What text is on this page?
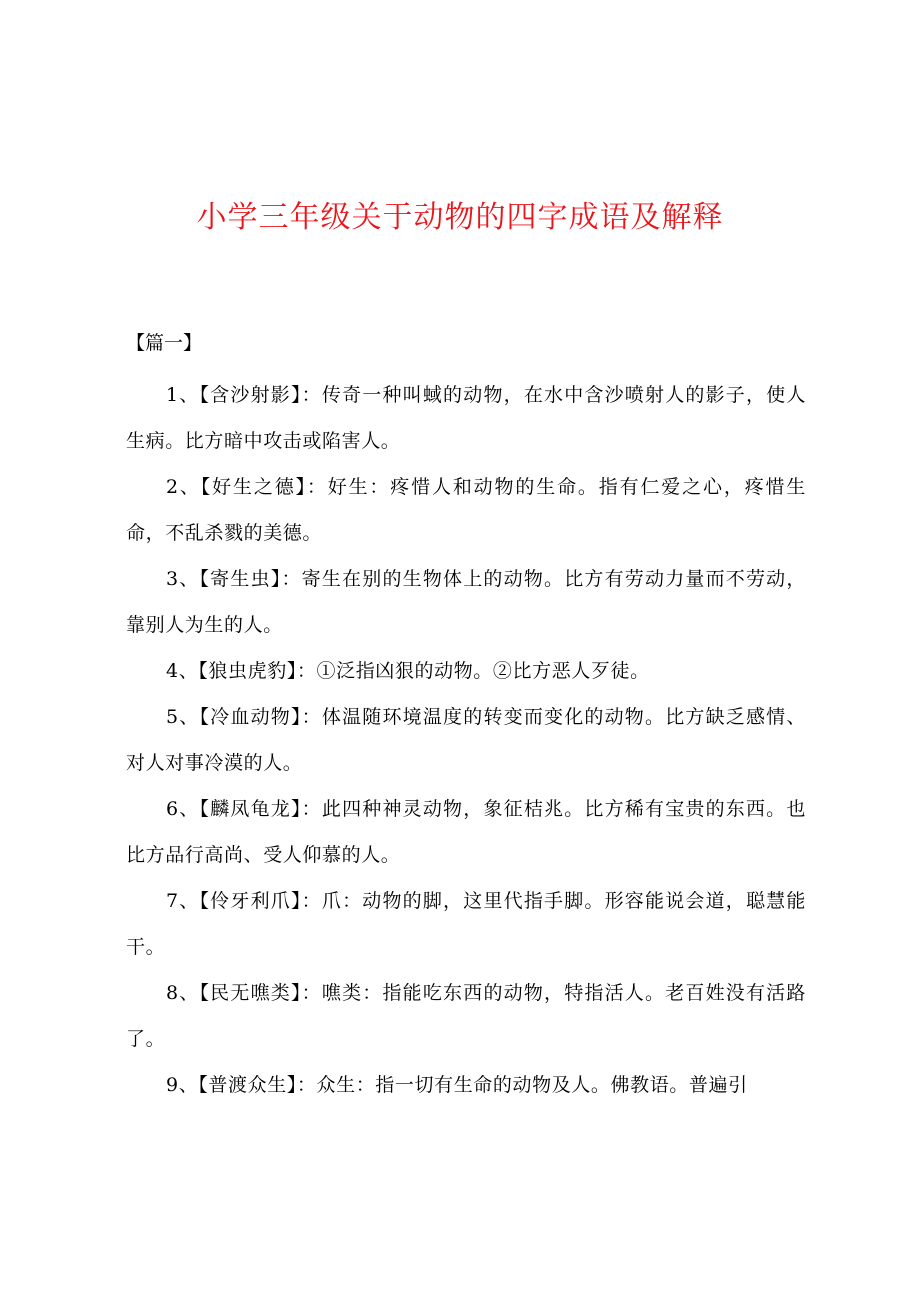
小学三年级关于动物的四字成语及解释
【篇一】

1、【含沙射影】：传奇一种叫蜮的动物，在水中含沙喷射人的影子，使人生病。比方暗中攻击或陷害人。

2、【好生之德】：好生：疼惜人和动物的生命。指有仁爱之心，疼惜生命，不乱杀戮的美德。

3、【寄生虫】：寄生在别的生物体上的动物。比方有劳动力量而不劳动，靠别人为生的人。

4、【狼虫虎豹】：①泛指凶狠的动物。②比方恶人歹徒。

5、【冷血动物】：体温随环境温度的转变而变化的动物。比方缺乏感情、对人对事冷漠的人。

6、【麟凤龟龙】：此四种神灵动物，象征桔兆。比方稀有宝贵的东西。也比方品行高尚、受人仰慕的人。

7、【伶牙利爪】：爪：动物的脚，这里代指手脚。形容能说会道，聪慧能干。

8、【民无噍类】：噍类：指能吃东西的动物，特指活人。老百姓没有活路了。

9、【普渡众生】：众生：指一切有生命的动物及人。佛教语。普遍引
